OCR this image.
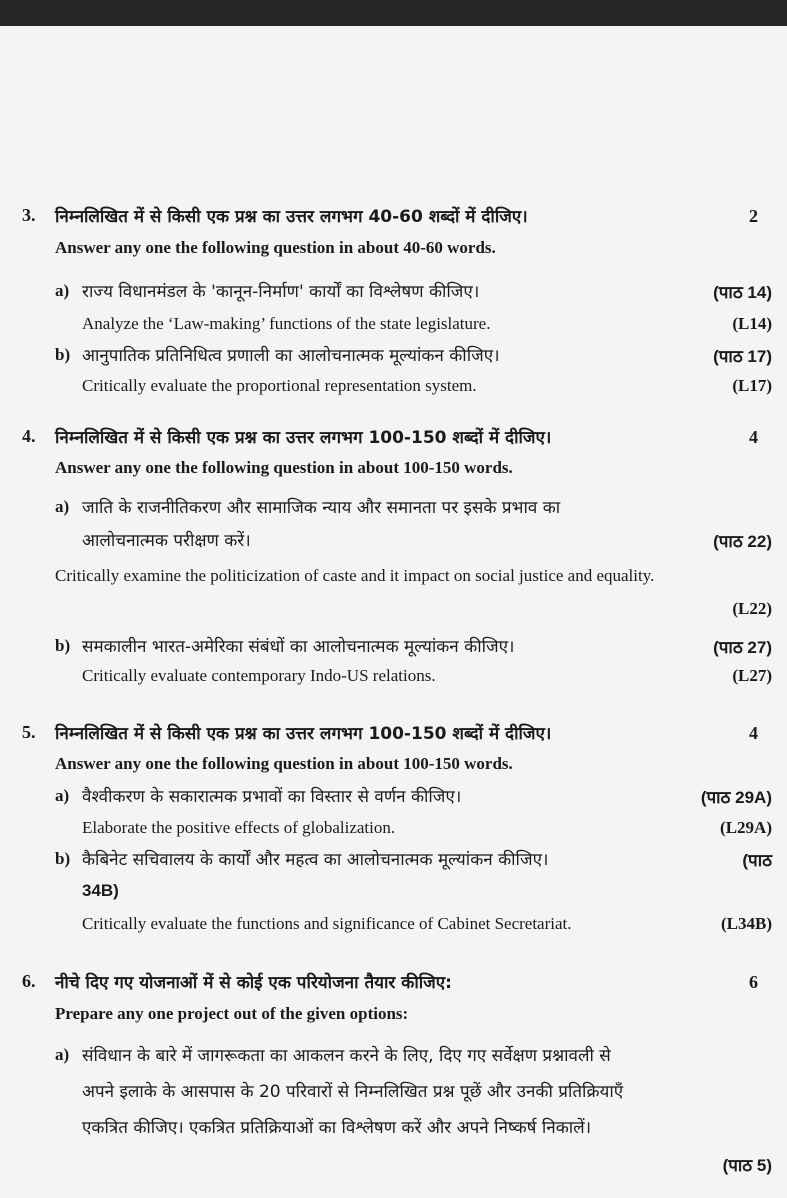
3. निम्नलिखित में से किसी एक प्रश्न का उत्तर लगभग 40-60 शब्दों में दीजिए।	2
Answer any one the following question in about 40-60 words.
a) राज्य विधानमंडल के 'कानून-निर्माण' कार्यों का विश्लेषण कीजिए।	(पाठ 14)
Analyze the ‘Law-making’ functions of the state legislature.	(L14)
b) आनुपातिक प्रतिनिधित्व प्रणाली का आलोचनात्मक मूल्यांकन कीजिए।	(पाठ 17)
Critically evaluate the proportional representation system.	(L17)
4. निम्नलिखित में से किसी एक प्रश्न का उत्तर लगभग 100-150 शब्दों में दीजिए।	4
Answer any one the following question in about 100-150 words.
a) जाति के राजनीतिकरण और सामाजिक न्याय और समानता पर इसके प्रभाव का
आलोचनात्मक परीक्षण करें।	(पाठ 22)
Critically examine the politicization of caste and it impact on social justice and equality.
(L22)
b) समकालीन भारत-अमेरिका संबंधों का आलोचनात्मक मूल्यांकन कीजिए।	(पाठ 27)
Critically evaluate contemporary Indo-US relations.	(L27)
5. निम्नलिखित में से किसी एक प्रश्न का उत्तर लगभग 100-150 शब्दों में दीजिए।	4
Answer any one the following question in about 100-150 words.
a) वैश्वीकरण के सकारात्मक प्रभावों का विस्तार से वर्णन कीजिए।	(पाठ 29A)
Elaborate the positive effects of globalization.	(L29A)
b) कैबिनेट सचिवालय के कार्यों और महत्व का आलोचनात्मक मूल्यांकन कीजिए।	(पाठ
34B)
Critically evaluate the functions and significance of Cabinet Secretariat.	(L34B)
6. नीचे दिए गए योजनाओं में से कोई एक परियोजना तैयार कीजिए:	6
Prepare any one project out of the given options:
a) संविधान के बारे में जागरूकता का आकलन करने के लिए, दिए गए सर्वेक्षण प्रश्नावली से
अपने इलाके के आसपास के 20 परिवारों से निम्नलिखित प्रश्न पूछें और उनकी प्रतिक्रियाएँ
एकत्रित कीजिए। एकत्रित प्रतिक्रियाओं का विश्लेषण करें और अपने निष्कर्ष निकालें।
(पाठ 5)
